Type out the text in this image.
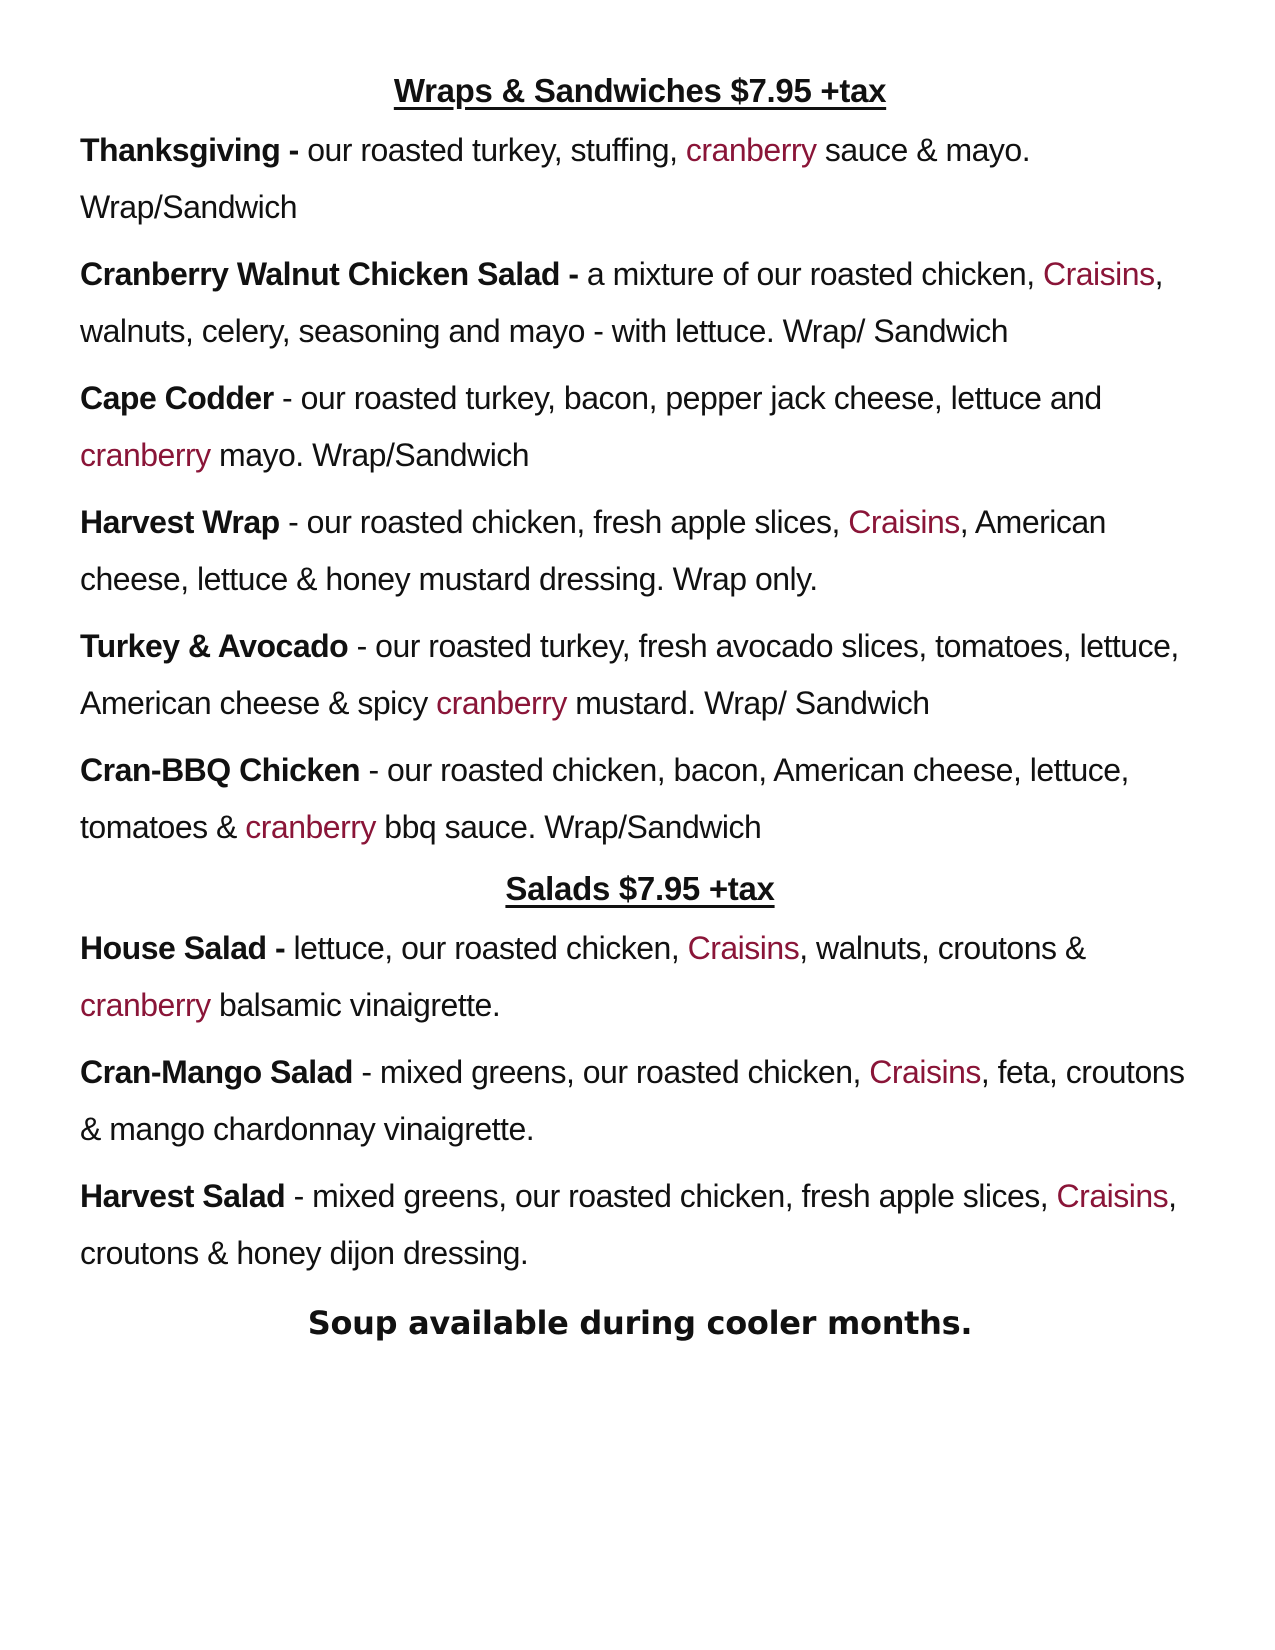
Wraps & Sandwiches $7.95 +tax
Thanksgiving - our roasted turkey, stuffing, cranberry sauce & mayo. Wrap/Sandwich
Cranberry Walnut Chicken Salad - a mixture of our roasted chicken, Craisins, walnuts, celery, seasoning and mayo - with lettuce. Wrap/ Sandwich
Cape Codder - our roasted turkey, bacon, pepper jack cheese, lettuce and cranberry mayo. Wrap/Sandwich
Harvest Wrap - our roasted chicken, fresh apple slices, Craisins, American cheese, lettuce & honey mustard dressing. Wrap only.
Turkey & Avocado - our roasted turkey, fresh avocado slices, tomatoes, lettuce, American cheese & spicy cranberry mustard. Wrap/ Sandwich
Cran-BBQ Chicken - our roasted chicken, bacon, American cheese, lettuce, tomatoes & cranberry bbq sauce. Wrap/Sandwich
Salads $7.95 +tax
House Salad - lettuce, our roasted chicken, Craisins, walnuts, croutons & cranberry balsamic vinaigrette.
Cran-Mango Salad - mixed greens, our roasted chicken, Craisins, feta, croutons & mango chardonnay vinaigrette.
Harvest Salad - mixed greens, our roasted chicken, fresh apple slices, Craisins, croutons & honey dijon dressing.
Soup available during cooler months.
